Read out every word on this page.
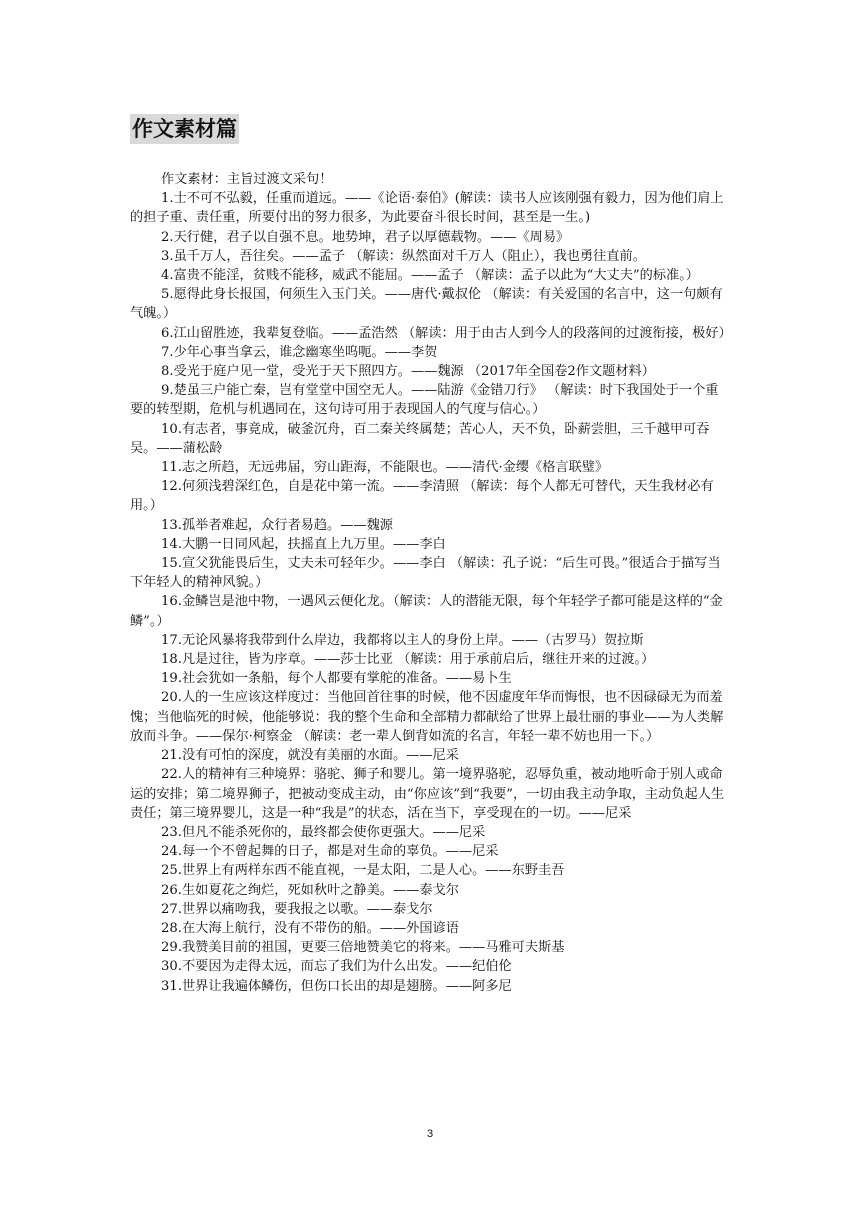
作文素材篇

作文素材：主旨过渡文采句！

1.士不可不弘毅，任重而道远。——《论语·泰伯》(解读：读书人应该刚强有毅力，因为他们肩上的担子重、责任重，所要付出的努力很多，为此要奋斗很长时间，甚至是一生。)

2.天行健，君子以自强不息。地势坤，君子以厚德载物。——《周易》

3.虽千万人，吾往矣。——孟子 （解读：纵然面对千万人（阻止），我也勇往直前。

4.富贵不能淫，贫贱不能移，威武不能屈。——孟子 （解读：孟子以此为“大丈夫”的标准。）

5.愿得此身长报国，何须生入玉门关。——唐代·戴叔伦 （解读：有关爱国的名言中，这一句颇有气魄。）

6.江山留胜迹，我辈复登临。——孟浩然 （解读：用于由古人到今人的段落间的过渡衔接，极好）

7.少年心事当拿云，谁念幽寒坐呜呃。——李贺

8.受光于庭户见一堂，受光于天下照四方。——魏源 （2017年全国卷2作文题材料）

9.楚虽三户能亡秦，岂有堂堂中国空无人。——陆游《金错刀行》 （解读：时下我国处于一个重要的转型期，危机与机遇同在，这句诗可用于表现国人的气度与信心。）

10.有志者，事竟成，破釜沉舟，百二秦关终属楚；苦心人，天不负，卧薪尝胆，三千越甲可吞吴。——蒲松龄

11.志之所趋，无远弗届，穷山距海，不能限也。——清代·金缨《格言联璧》

12.何须浅碧深红色，自是花中第一流。——李清照 （解读：每个人都无可替代，天生我材必有用。）

13.孤举者难起，众行者易趋。——魏源

14.大鹏一日同风起，扶摇直上九万里。——李白

15.宣父犹能畏后生，丈夫未可轻年少。——李白 （解读：孔子说：“后生可畏。”很适合于描写当下年轻人的精神风貌。）

16.金鳞岂是池中物，一遇风云便化龙。（解读：人的潜能无限，每个年轻学子都可能是这样的“金鳞”。）

17.无论风暴将我带到什么岸边，我都将以主人的身份上岸。——（古罗马）贺拉斯

18.凡是过往，皆为序章。——莎士比亚 （解读：用于承前启后，继往开来的过渡。）

19.社会犹如一条船，每个人都要有掌舵的准备。——易卜生

20.人的一生应该这样度过：当他回首往事的时候，他不因虚度年华而悔恨，也不因碌碌无为而羞愧；当他临死的时候，他能够说：我的整个生命和全部精力都献给了世界上最壮丽的事业——为人类解放而斗争。——保尔·柯察金 （解读：老一辈人倒背如流的名言，年轻一辈不妨也用一下。）

21.没有可怕的深度，就没有美丽的水面。——尼采

22.人的精神有三种境界：骆驼、狮子和婴儿。第一境界骆驼，忍辱负重，被动地听命于别人或命运的安排；第二境界狮子，把被动变成主动，由“你应该”到“我要”，一切由我主动争取，主动负起人生责任；第三境界婴儿，这是一种“我是”的状态，活在当下，享受现在的一切。——尼采

23.但凡不能杀死你的，最终都会使你更强大。——尼采

24.每一个不曾起舞的日子，都是对生命的辜负。——尼采

25.世界上有两样东西不能直视，一是太阳，二是人心。——东野圭吾

26.生如夏花之绚烂，死如秋叶之静美。——泰戈尔

27.世界以痛吻我，要我报之以歌。——泰戈尔

28.在大海上航行，没有不带伤的船。——外国谚语

29.我赞美目前的祖国，更要三倍地赞美它的将来。——马雅可夫斯基

30.不要因为走得太远，而忘了我们为什么出发。——纪伯伦

31.世界让我遍体鳞伤，但伤口长出的却是翅膀。——阿多尼

3
